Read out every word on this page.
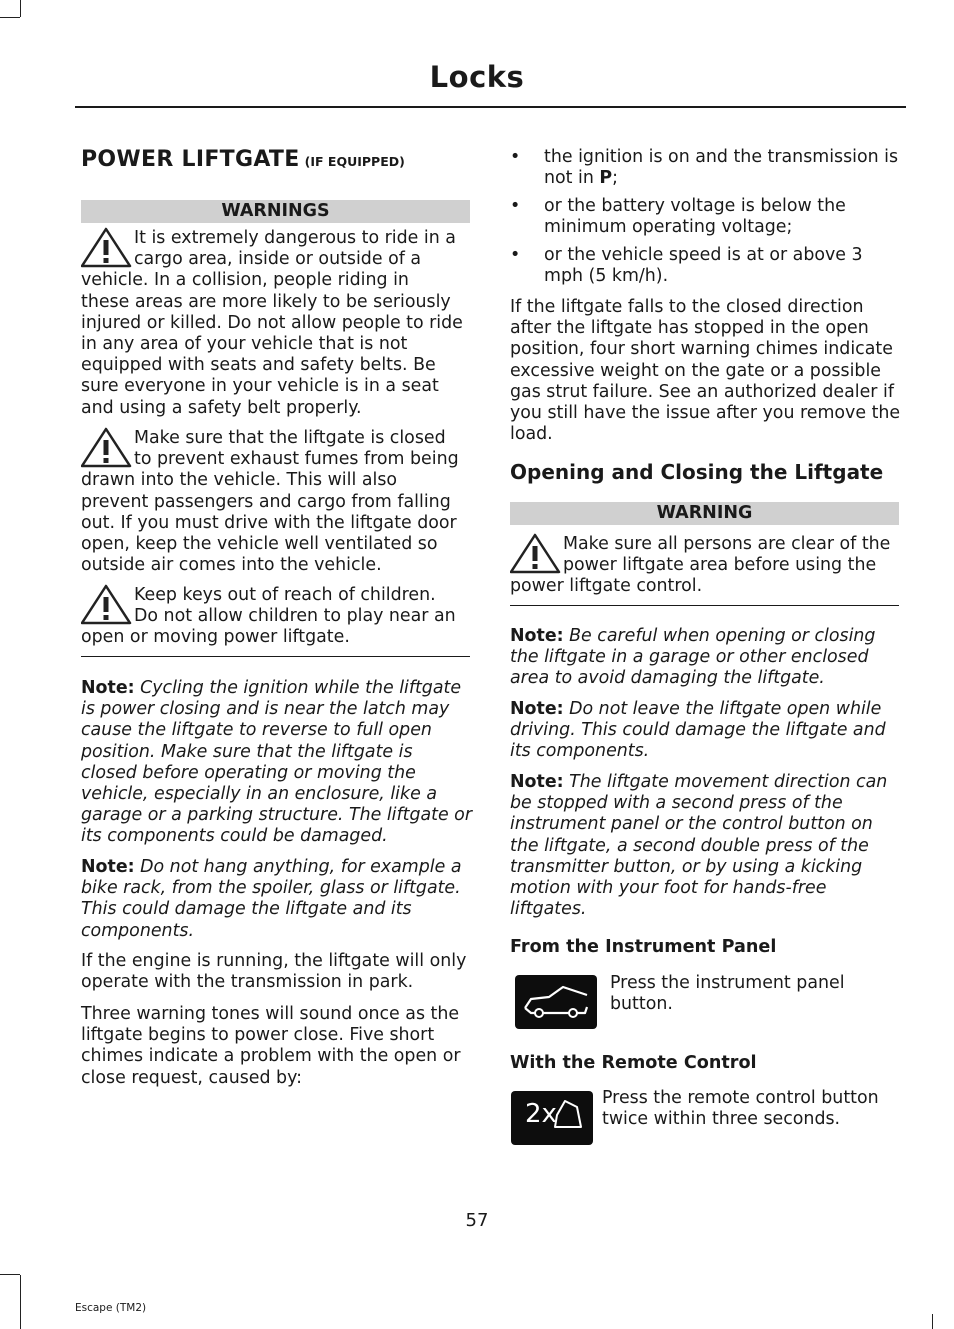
Locks
POWER LIFTGATE (IF EQUIPPED)
WARNINGS
It is extremely dangerous to ride in a
cargo area, inside or outside of a
vehicle. In a collision, people riding in
these areas are more likely to be seriously injured or killed. Do not allow people to ride in any area of your vehicle that is not equipped with seats and safety belts. Be sure everyone in your vehicle is in a seat and using a safety belt properly.
Make sure that the liftgate is closed
to prevent exhaust fumes from being
drawn into the vehicle. This will also
prevent passengers and cargo from falling out. If you must drive with the liftgate door open, keep the vehicle well ventilated so outside air comes into the vehicle.
Keep keys out of reach of children.
Do not allow children to play near an
open or moving power liftgate.

Note: Cycling the ignition while the liftgate is power closing and is near the latch may cause the liftgate to reverse to full open position. Make sure that the liftgate is closed before operating or moving the vehicle, especially in an enclosure, like a garage or a parking structure. The liftgate or its components could be damaged.

Note: Do not hang anything, for example a bike rack, from the spoiler, glass or liftgate. This could damage the liftgate and its components.

If the engine is running, the liftgate will only operate with the transmission in park.

Three warning tones will sound once as the liftgate begins to power close. Five short chimes indicate a problem with the open or close request, caused by:

• the ignition is on and the transmission is not in P;
• or the battery voltage is below the minimum operating voltage;
• or the vehicle speed is at or above 3 mph (5 km/h).

If the liftgate falls to the closed direction after the liftgate has stopped in the open position, four short warning chimes indicate excessive weight on the gate or a possible gas strut failure. See an authorized dealer if you still have the issue after you remove the load.

Opening and Closing the Liftgate
WARNING
Make sure all persons are clear of the
power liftgate area before using the
power liftgate control.

Note: Be careful when opening or closing the liftgate in a garage or other enclosed area to avoid damaging the liftgate.

Note: Do not leave the liftgate open while driving. This could damage the liftgate and its components.

Note: The liftgate movement direction can be stopped with a second press of the instrument panel or the control button on the liftgate, a second double press of the transmitter button, or by using a kicking motion with your foot for hands-free liftgates.

From the Instrument Panel

Press the instrument panel button.

With the Remote Control
2x

Press the remote control button twice within three seconds.

57
Escape (TM2)
